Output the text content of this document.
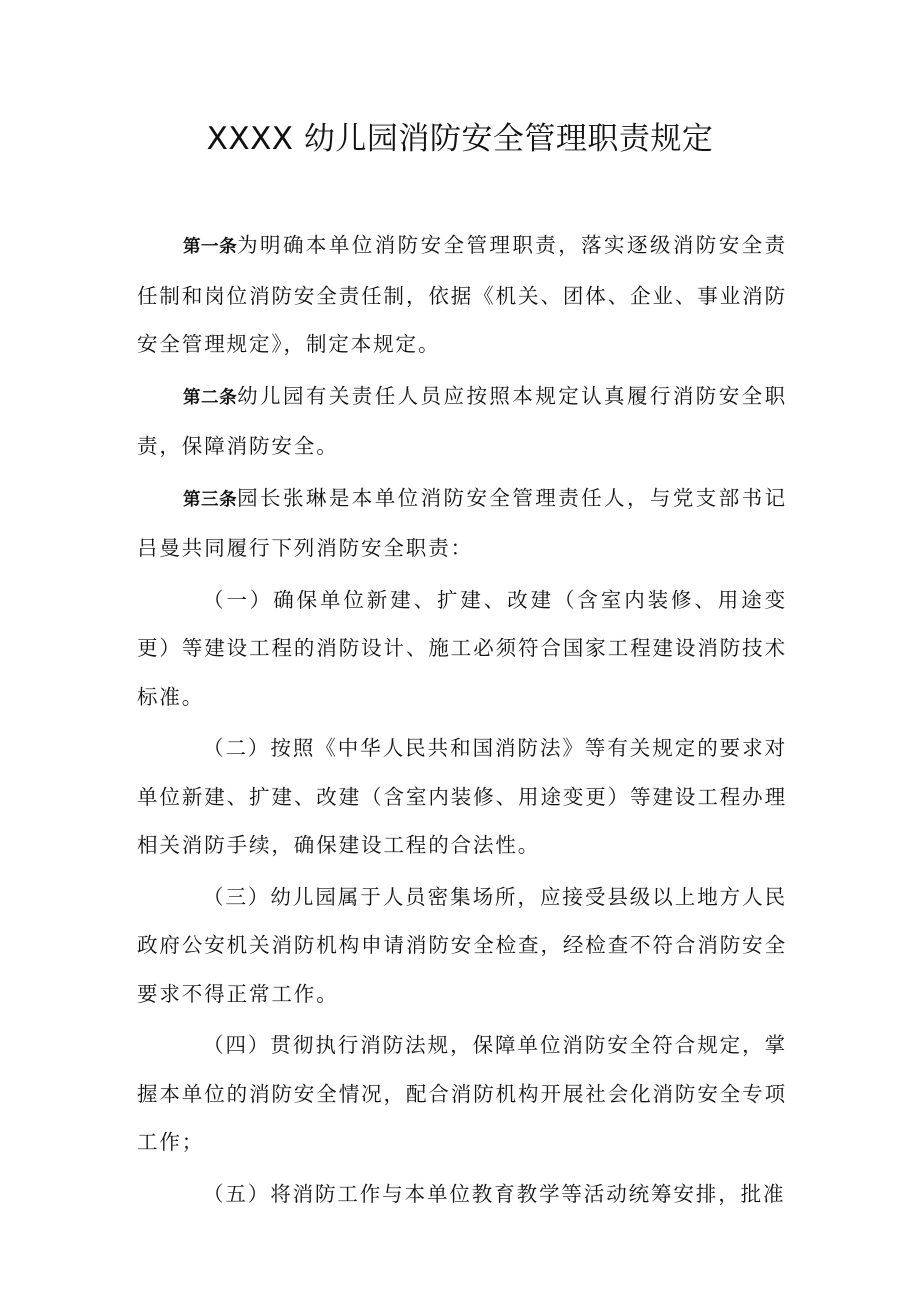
XXXX 幼儿园消防安全管理职责规定

第一条为明确本单位消防安全管理职责，落实逐级消防安全责任制和岗位消防安全责任制，依据《机关、团体、企业、事业消防安全管理规定》，制定本规定。

第二条幼儿园有关责任人员应按照本规定认真履行消防安全职责，保障消防安全。

第三条园长张琳是本单位消防安全管理责任人，与党支部书记吕曼共同履行下列消防安全职责：

（一）确保单位新建、扩建、改建（含室内装修、用途变更）等建设工程的消防设计、施工必须符合国家工程建设消防技术标准。

（二）按照《中华人民共和国消防法》等有关规定的要求对单位新建、扩建、改建（含室内装修、用途变更）等建设工程办理相关消防手续，确保建设工程的合法性。

（三）幼儿园属于人员密集场所，应接受县级以上地方人民政府公安机关消防机构申请消防安全检查，经检查不符合消防安全要求不得正常工作。

（四）贯彻执行消防法规，保障单位消防安全符合规定，掌握本单位的消防安全情况，配合消防机构开展社会化消防安全专项工作；

（五）将消防工作与本单位教育教学等活动统筹安排，批准
